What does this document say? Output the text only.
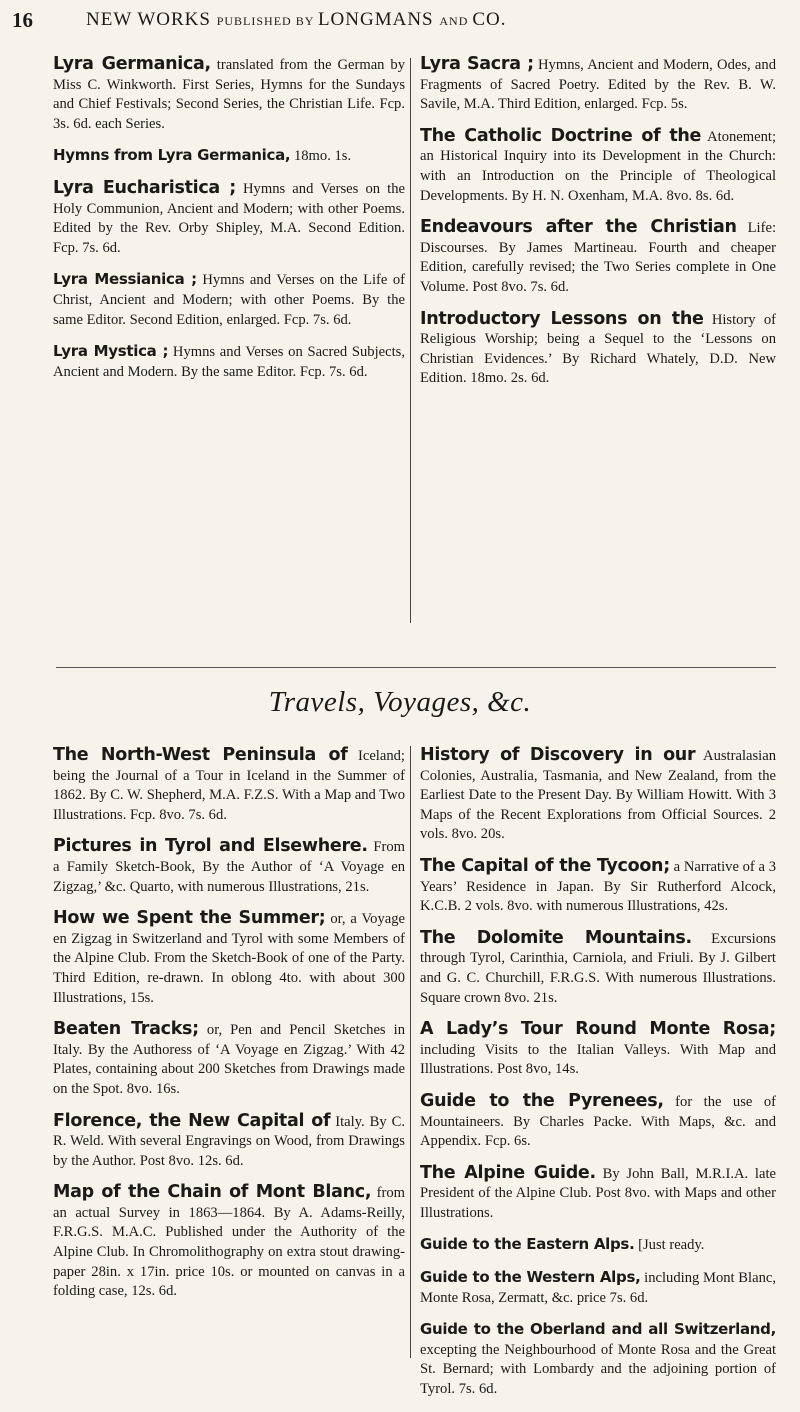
16	NEW WORKS PUBLISHED BY LONGMANS AND CO.
Lyra Germanica, translated from the German by Miss C. Winkworth. First Series, Hymns for the Sundays and Chief Festivals; Second Series, the Christian Life. Fcp. 3s. 6d. each Series.
Hymns from Lyra Germanica, 18mo. 1s.
Lyra Eucharistica ; Hymns and Verses on the Holy Communion, Ancient and Modern; with other Poems. Edited by the Rev. Orby Shipley, M.A. Second Edition. Fcp. 7s. 6d.
Lyra Messianica ; Hymns and Verses on the Life of Christ, Ancient and Modern; with other Poems. By the same Editor. Second Edition, enlarged. Fcp. 7s. 6d.
Lyra Mystica ; Hymns and Verses on Sacred Subjects, Ancient and Modern. By the same Editor. Fcp. 7s. 6d.
Lyra Sacra ; Hymns, Ancient and Modern, Odes, and Fragments of Sacred Poetry. Edited by the Rev. B. W. Savile, M.A. Third Edition, enlarged. Fcp. 5s.
The Catholic Doctrine of the Atonement; an Historical Inquiry into its Development in the Church: with an Introduction on the Principle of Theological Developments. By H. N. Oxenham, M.A. 8vo. 8s. 6d.
Endeavours after the Christian Life: Discourses. By James Martineau. Fourth and cheaper Edition, carefully revised; the Two Series complete in One Volume. Post 8vo. 7s. 6d.
Introductory Lessons on the History of Religious Worship; being a Sequel to the ‘Lessons on Christian Evidences.’ By Richard Whately, D.D. New Edition. 18mo. 2s. 6d.
Travels, Voyages, &c.
The North-West Peninsula of Iceland; being the Journal of a Tour in Iceland in the Summer of 1862. By C. W. Shepherd, M.A. F.Z.S. With a Map and Two Illustrations. Fcp. 8vo. 7s. 6d.
Pictures in Tyrol and Elsewhere. From a Family Sketch-Book, By the Author of ‘A Voyage en Zigzag,’ &c. Quarto, with numerous Illustrations, 21s.
How we Spent the Summer; or, a Voyage en Zigzag in Switzerland and Tyrol with some Members of the Alpine Club. From the Sketch-Book of one of the Party. Third Edition, re-drawn. In oblong 4to. with about 300 Illustrations, 15s.
Beaten Tracks; or, Pen and Pencil Sketches in Italy. By the Authoress of ‘A Voyage en Zigzag.’ With 42 Plates, containing about 200 Sketches from Drawings made on the Spot. 8vo. 16s.
Florence, the New Capital of Italy. By C. R. Weld. With several Engravings on Wood, from Drawings by the Author. Post 8vo. 12s. 6d.
Map of the Chain of Mont Blanc, from an actual Survey in 1863—1864. By A. Adams-Reilly, F.R.G.S. M.A.C. Published under the Authority of the Alpine Club. In Chromolithography on extra stout drawing-paper 28in. x 17in. price 10s. or mounted on canvas in a folding case, 12s. 6d.
History of Discovery in our Australasian Colonies, Australia, Tasmania, and New Zealand, from the Earliest Date to the Present Day. By William Howitt. With 3 Maps of the Recent Explorations from Official Sources. 2 vols. 8vo. 20s.
The Capital of the Tycoon; a Narrative of a 3 Years’ Residence in Japan. By Sir Rutherford Alcock, K.C.B. 2 vols. 8vo. with numerous Illustrations, 42s.
The Dolomite Mountains. Excursions through Tyrol, Carinthia, Carniola, and Friuli. By J. Gilbert and G. C. Churchill, F.R.G.S. With numerous Illustrations. Square crown 8vo. 21s.
A Lady’s Tour Round Monte Rosa; including Visits to the Italian Valleys. With Map and Illustrations. Post 8vo, 14s.
Guide to the Pyrenees, for the use of Mountaineers. By Charles Packe. With Maps, &c. and Appendix. Fcp. 6s.
The Alpine Guide. By John Ball, M.R.I.A. late President of the Alpine Club. Post 8vo. with Maps and other Illustrations.
Guide to the Eastern Alps. [Just ready.
Guide to the Western Alps, including Mont Blanc, Monte Rosa, Zermatt, &c. price 7s. 6d.
Guide to the Oberland and all Switzerland, excepting the Neighbourhood of Monte Rosa and the Great St. Bernard; with Lombardy and the adjoining portion of Tyrol. 7s. 6d.
